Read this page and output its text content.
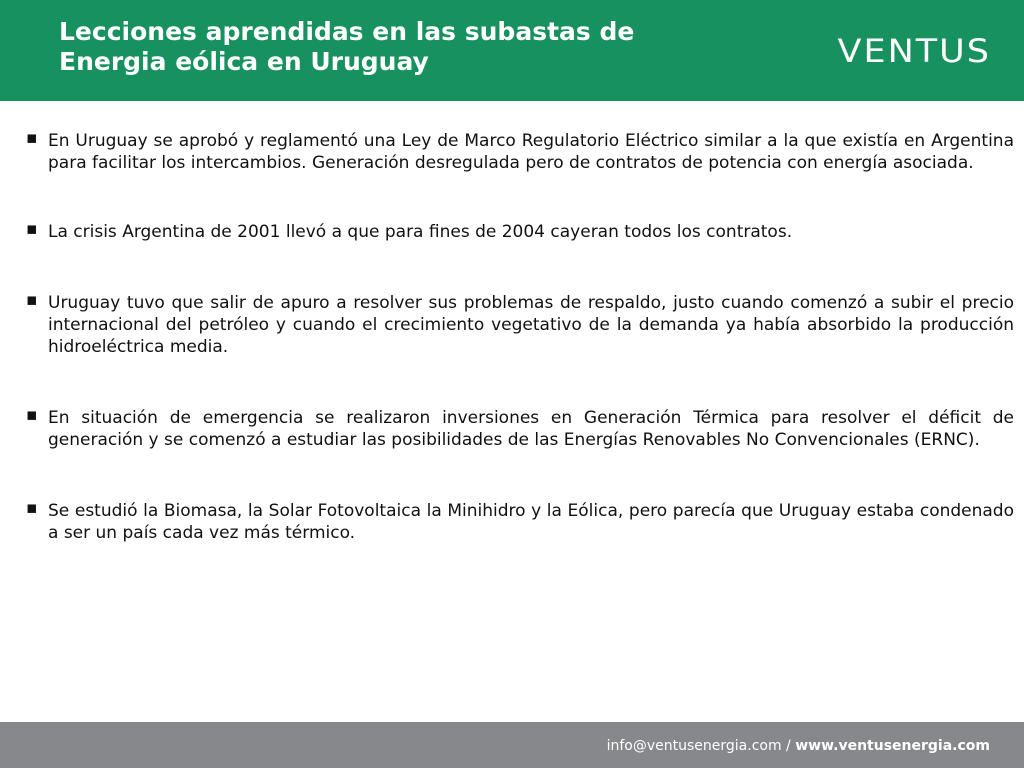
Lecciones aprendidas en las subastas de
Energia eólica en Uruguay	VENTUS
▪ En Uruguay se aprobó y reglamentó una Ley de Marco Regulatorio Eléctrico similar a la que existía en Argentina para facilitar los intercambios. Generación desregulada pero de contratos de potencia con energía asociada.
▪ La crisis Argentina de 2001 llevó a que para fines de 2004 cayeran todos los contratos.
▪ Uruguay tuvo que salir de apuro a resolver sus problemas de respaldo, justo cuando comenzó a subir el precio internacional del petróleo y cuando el crecimiento vegetativo de la demanda ya había absorbido la producción hidroeléctrica media.
▪ En situación de emergencia se realizaron inversiones en Generación Térmica para resolver el déficit de generación y se comenzó a estudiar las posibilidades de las Energías Renovables No Convencionales (ERNC).
▪ Se estudió la Biomasa, la Solar Fotovoltaica la Minihidro y la Eólica, pero parecía que Uruguay estaba condenado a ser un país cada vez más térmico.
info@ventusenergia.com / www.ventusenergia.com
